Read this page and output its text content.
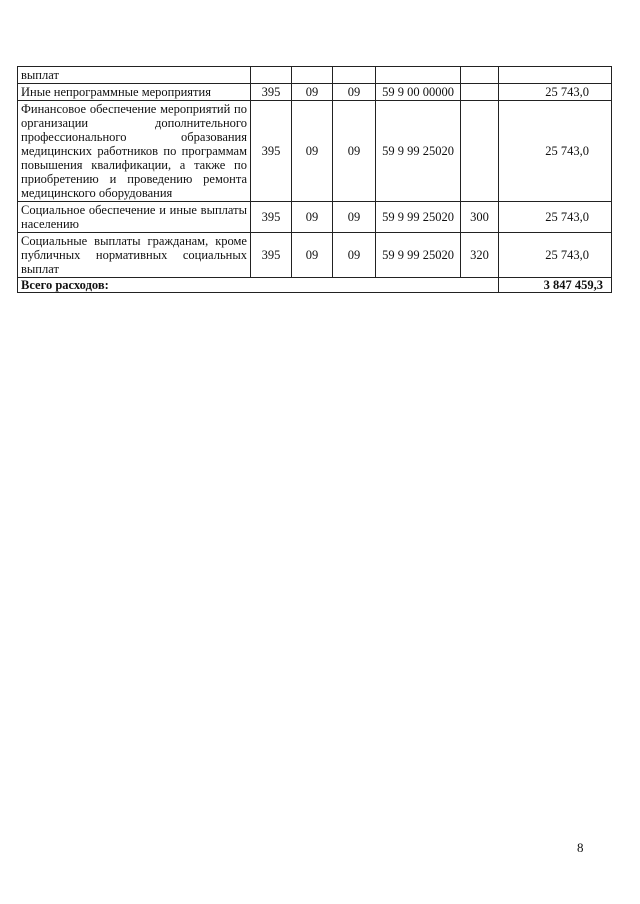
выплат						
Иные непрограммные мероприятия	395	09	09	59 9 00 00000		25 743,0
Финансовое обеспечение мероприятий по организации дополнительного профессионального образования медицинских работников по программам повышения квалификации, а также по приобретению и проведению ремонта медицинского оборудования	395	09	09	59 9 99 25020		25 743,0
Социальное обеспечение и иные выплаты населению	395	09	09	59 9 99 25020	300	25 743,0
Социальные выплаты гражданам, кроме публичных нормативных социальных выплат	395	09	09	59 9 99 25020	320	25 743,0
Всего расходов:						3 847 459,3
8
